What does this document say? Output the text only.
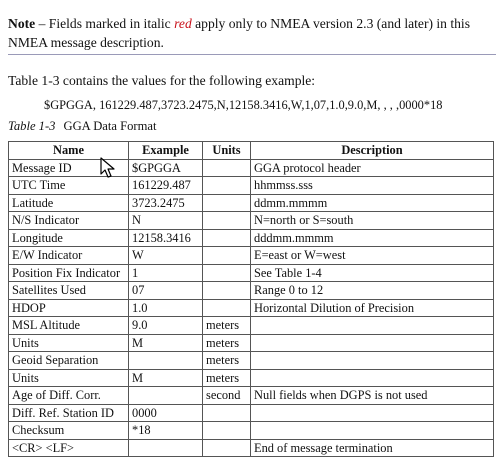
Note – Fields marked in italic red apply only to NMEA version 2.3 (and later) in this NMEA message description.
Table 1-3 contains the values for the following example:
$GPGGA, 161229.487,3723.2475,N,12158.3416,W,1,07,1.0,9.0,M, , , ,0000*18
Table 1-3 GGA Data Format
Name	Example	Units	Description
Message ID	$GPGGA		GGA protocol header
UTC Time	161229.487		hhmmss.sss
Latitude	3723.2475		ddmm.mmmm
N/S Indicator	N		N=north or S=south
Longitude	12158.3416		dddmm.mmmm
E/W Indicator	W		E=east or W=west
Position Fix Indicator	1		See Table 1-4
Satellites Used	07		Range 0 to 12
HDOP	1.0		Horizontal Dilution of Precision
MSL Altitude	9.0	meters	
Units	M	meters	
Geoid Separation		meters	
Units	M	meters	
Age of Diff. Corr.		second	Null fields when DGPS is not used
Diff. Ref. Station ID	0000		
Checksum	*18		
<CR> <LF>			End of message termination
